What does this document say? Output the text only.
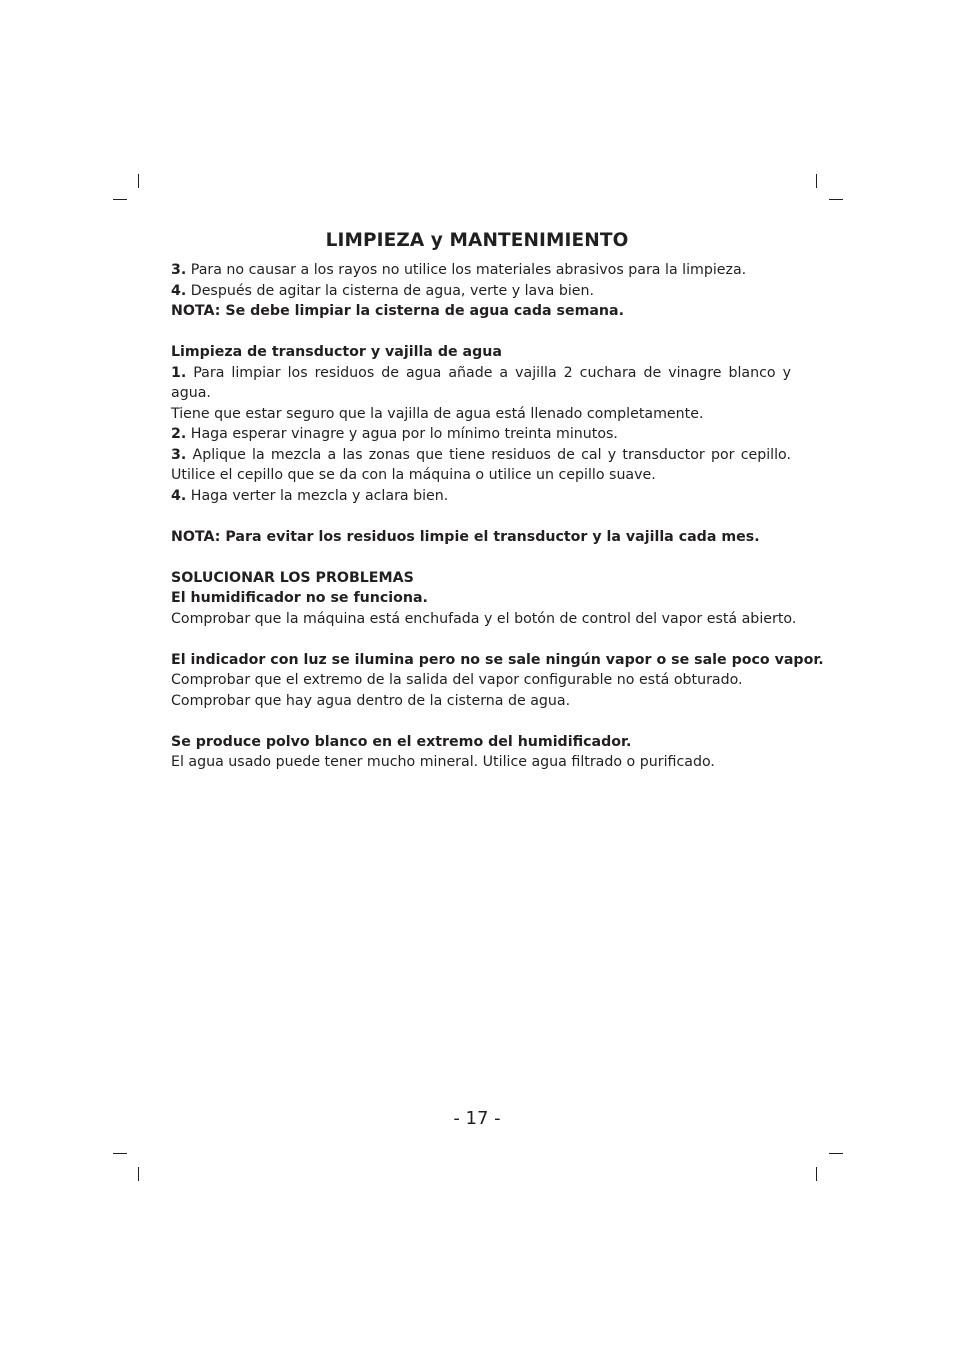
LIMPIEZA y MANTENIMIENTO
3. Para no causar a los rayos no utilice los materiales abrasivos para la limpieza.
4. Después de agitar la cisterna de agua, verte y lava bien.
NOTA: Se debe limpiar la cisterna de agua cada semana.
Limpieza de transductor y vajilla de agua
1. Para limpiar los residuos de agua añade a vajilla 2 cuchara de vinagre blanco y agua.
Tiene que estar seguro que la vajilla de agua está llenado completamente.
2. Haga esperar vinagre y agua por lo mínimo treinta minutos.
3. Aplique la mezcla a las zonas que tiene residuos de cal y transductor por cepillo.
Utilice el cepillo que se da con la máquina o utilice un cepillo suave.
4. Haga verter la mezcla y aclara bien.
NOTA: Para evitar los residuos limpie el transductor y la vajilla cada mes.
SOLUCIONAR LOS PROBLEMAS
El humidificador no se funciona.
Comprobar que la máquina está enchufada y el botón de control del vapor está abierto.
El indicador con luz se ilumina pero no se sale ningún vapor o se sale poco vapor.
Comprobar que el extremo de la salida del vapor configurable no está obturado.
Comprobar que hay agua dentro de la cisterna de agua.
Se produce polvo blanco en el extremo del humidificador.
El agua usado puede tener mucho mineral. Utilice agua filtrado o purificado.
- 17 -
